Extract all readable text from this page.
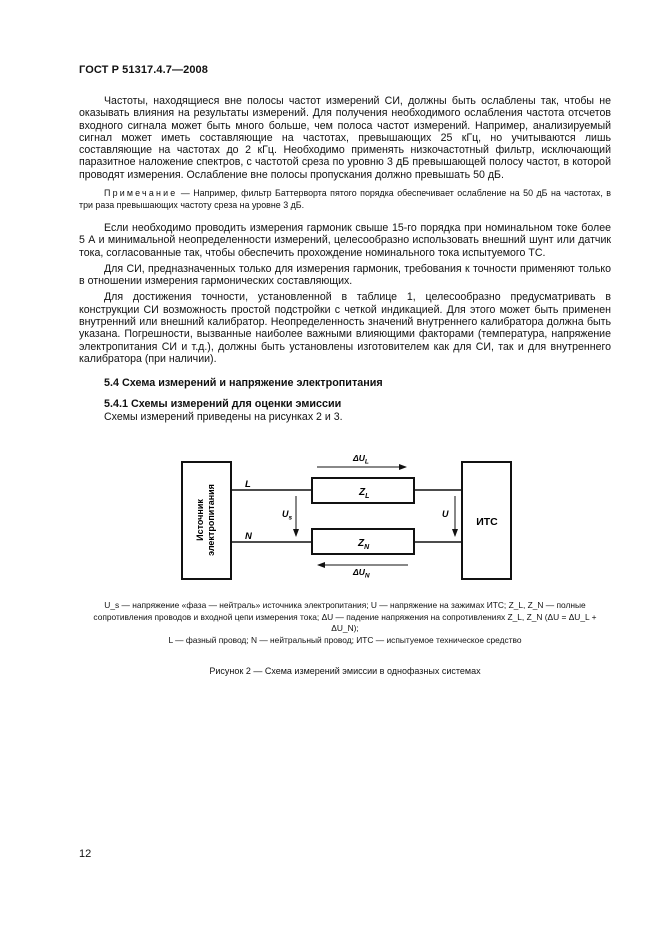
ГОСТ Р 51317.4.7—2008

Частоты, находящиеся вне полосы частот измерений СИ, должны быть ослаблены так, чтобы не оказывать влияния на результаты измерений. Для получения необходимого ослабления частота отсчетов входного сигнала может быть много больше, чем полоса частот измерений. Например, анализируемый сигнал может иметь составляющие на частотах, превышающих 25 кГц, но учитываются лишь составляющие на частотах до 2 кГц. Необходимо применять низкочастотный фильтр, исключающий паразитное наложение спектров, с частотой среза по уровню 3 дБ превышающей полосу частот, в которой проводят измерения. Ослабление вне полосы пропускания должно превышать 50 дБ.

Примечание — Например, фильтр Баттерворта пятого порядка обеспечивает ослабление на 50 дБ на частотах, в три раза превышающих частоту среза на уровне 3 дБ.

Если необходимо проводить измерения гармоник свыше 15-го порядка при номинальном токе более 5 А и минимальной неопределенности измерений, целесообразно использовать внешний шунт или датчик тока, согласованные так, чтобы обеспечить прохождение номинального тока испытуемого ТС.

Для СИ, предназначенных только для измерения гармоник, требования к точности применяют только в отношении измерения гармонических составляющих.

Для достижения точности, установленной в таблице 1, целесообразно предусматривать в конструкции СИ возможность простой подстройки с четкой индикацией. Для этого может быть применен внутренний или внешний калибратор. Неопределенность значений внутреннего калибратора должна быть указана. Погрешности, вызванные наиболее важными влияющими факторами (температура, напряжение электропитания СИ и т.д.), должны быть установлены изготовителем как для СИ, так и для внутреннего калибратора (при наличии).

5.4 Схема измерений и напряжение электропитания
5.4.1 Схемы измерений для оценки эмиссии
Схемы измерений приведены на рисунках 2 и 3.
Источник электропитания	ИТС
L
N
$Z_L$
$Z_N$
$\Delta U_L$
$\Delta U_N$
$U_s$	U

U_s — напряжение «фаза — нейтраль» источника электропитания; U — напряжение на зажимах ИТС; Z_L, Z_N — полные сопротивления проводов и входной цепи измерения тока; ΔU — падение напряжения на сопротивлениях Z_L, Z_N (ΔU = ΔU_L + ΔU_N);

L — фазный провод; N — нейтральный провод; ИТС — испытуемое техническое средство

Рисунок 2 — Схема измерений эмиссии в однофазных системах
12
